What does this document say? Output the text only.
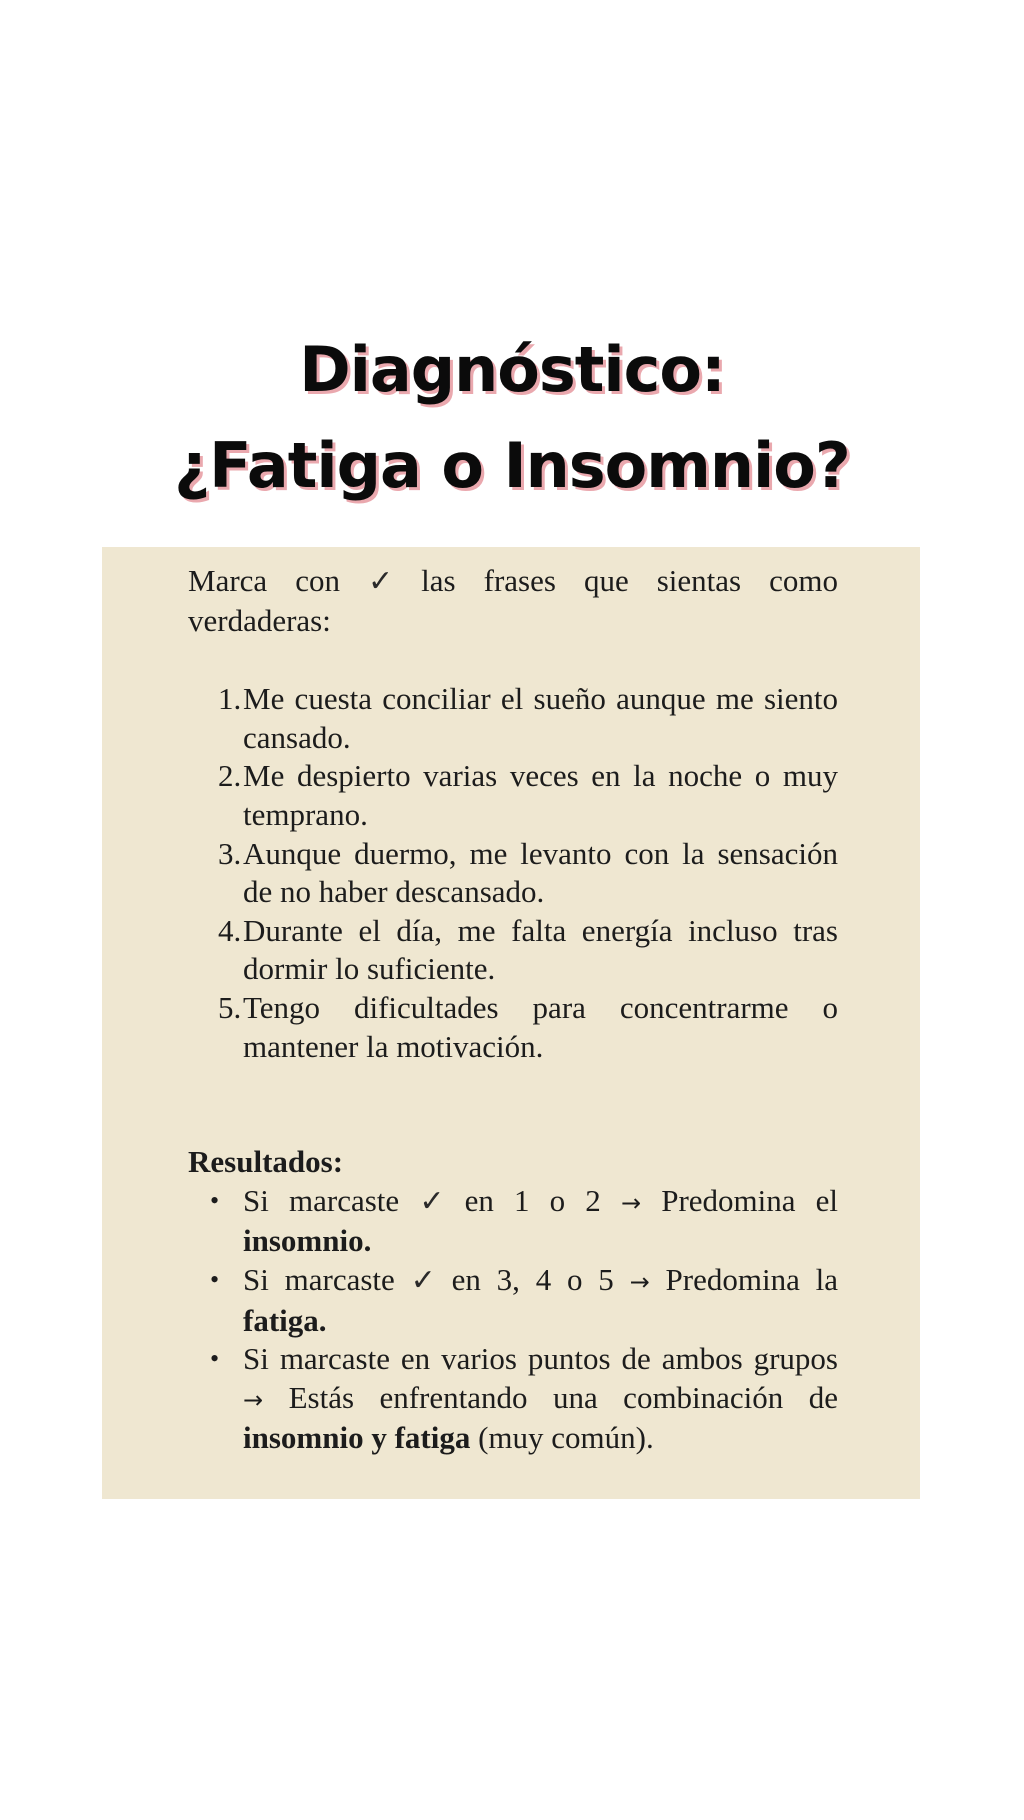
Diagnóstico:
¿Fatiga o Insomnio?

Marca con ✓ las frases que sientas como verdaderas:

1. Me cuesta conciliar el sueño aunque me siento cansado.
2. Me despierto varias veces en la noche o muy temprano.
3. Aunque duermo, me levanto con la sensación de no haber descansado.
4. Durante el día, me falta energía incluso tras dormir lo suficiente.
5. Tengo dificultades para concentrarme o mantener la motivación.
Resultados:
• Si marcaste ✓ en 1 o 2 → Predomina el insomnio.
• Si marcaste ✓ en 3, 4 o 5 → Predomina la fatiga.
• Si marcaste en varios puntos de ambos grupos → Estás enfrentando una combinación de insomnio y fatiga (muy común).
